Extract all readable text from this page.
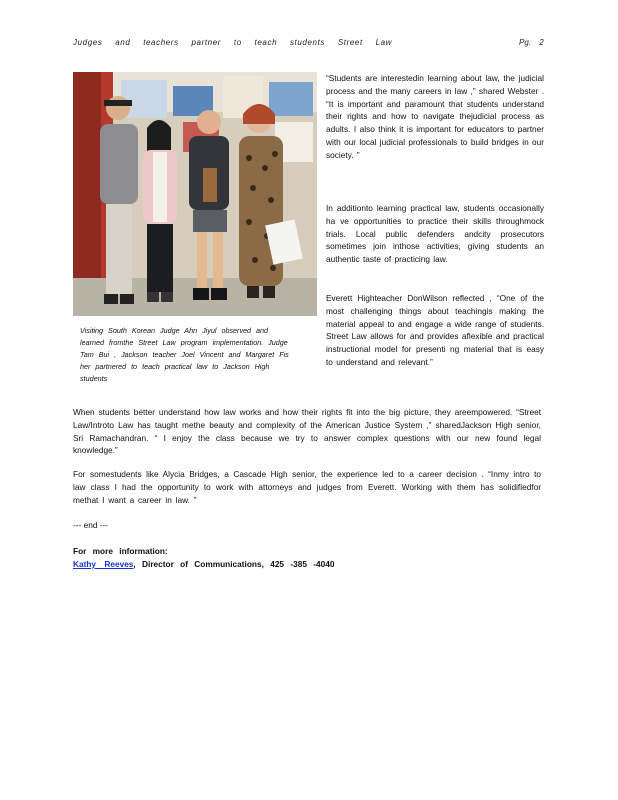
Judges and teachers partner to teach students Street Law	Pg. 2
Visiting South Korean Judge Ahn Jiyul observed and learned fromthe Street Law program implementation. Judge Tam Bui , Jackson teacher Joel Vincent and Margaret Fis her partnered to teach practical law to Jackson High students

“Students are interestedin learning about law, the judicial process and the many careers in law ,” shared Webster . “It is important and paramount that students understand their rights and how to navigate thejudicial process as adults. I also think it is important for educators to partner with our local judicial professionals to build bridges in our society. ”

In additionto learning practical law, students occasionally ha ve opportunities to practice their skills throughmock trials. Local public defenders andcity prosecutors sometimes join inthose activities, giving students an authentic taste of practicing law.

Everett Highteacher DonWilson reflected , “One of the most challenging things about teachingis making the material appeal to and engage a wide range of students. Street Law allows for and provides aflexible and practical instructional model for presenti ng material that is easy to understand and relevant.”

When students better understand how law works and how their rights fit into the big picture, they areempowered. “Street Law/Introto Law has taught methe beauty and complexity of the American Justice System ,” sharedJackson High senior, Sri Ramachandran. “ I enjoy the class because we try to answer complex questions with our new found legal knowledge.”

For somestudents like Alycia Bridges, a Cascade High senior, the experience led to a career decision . “Inmy intro to law class I had the opportunity to work with attorneys and judges from Everett. Working with them has solidifiedfor methat I want a career in law. ”

--- end ---
For more information:
Kathy Reeves, Director of Communications, 425 -385 -4040
